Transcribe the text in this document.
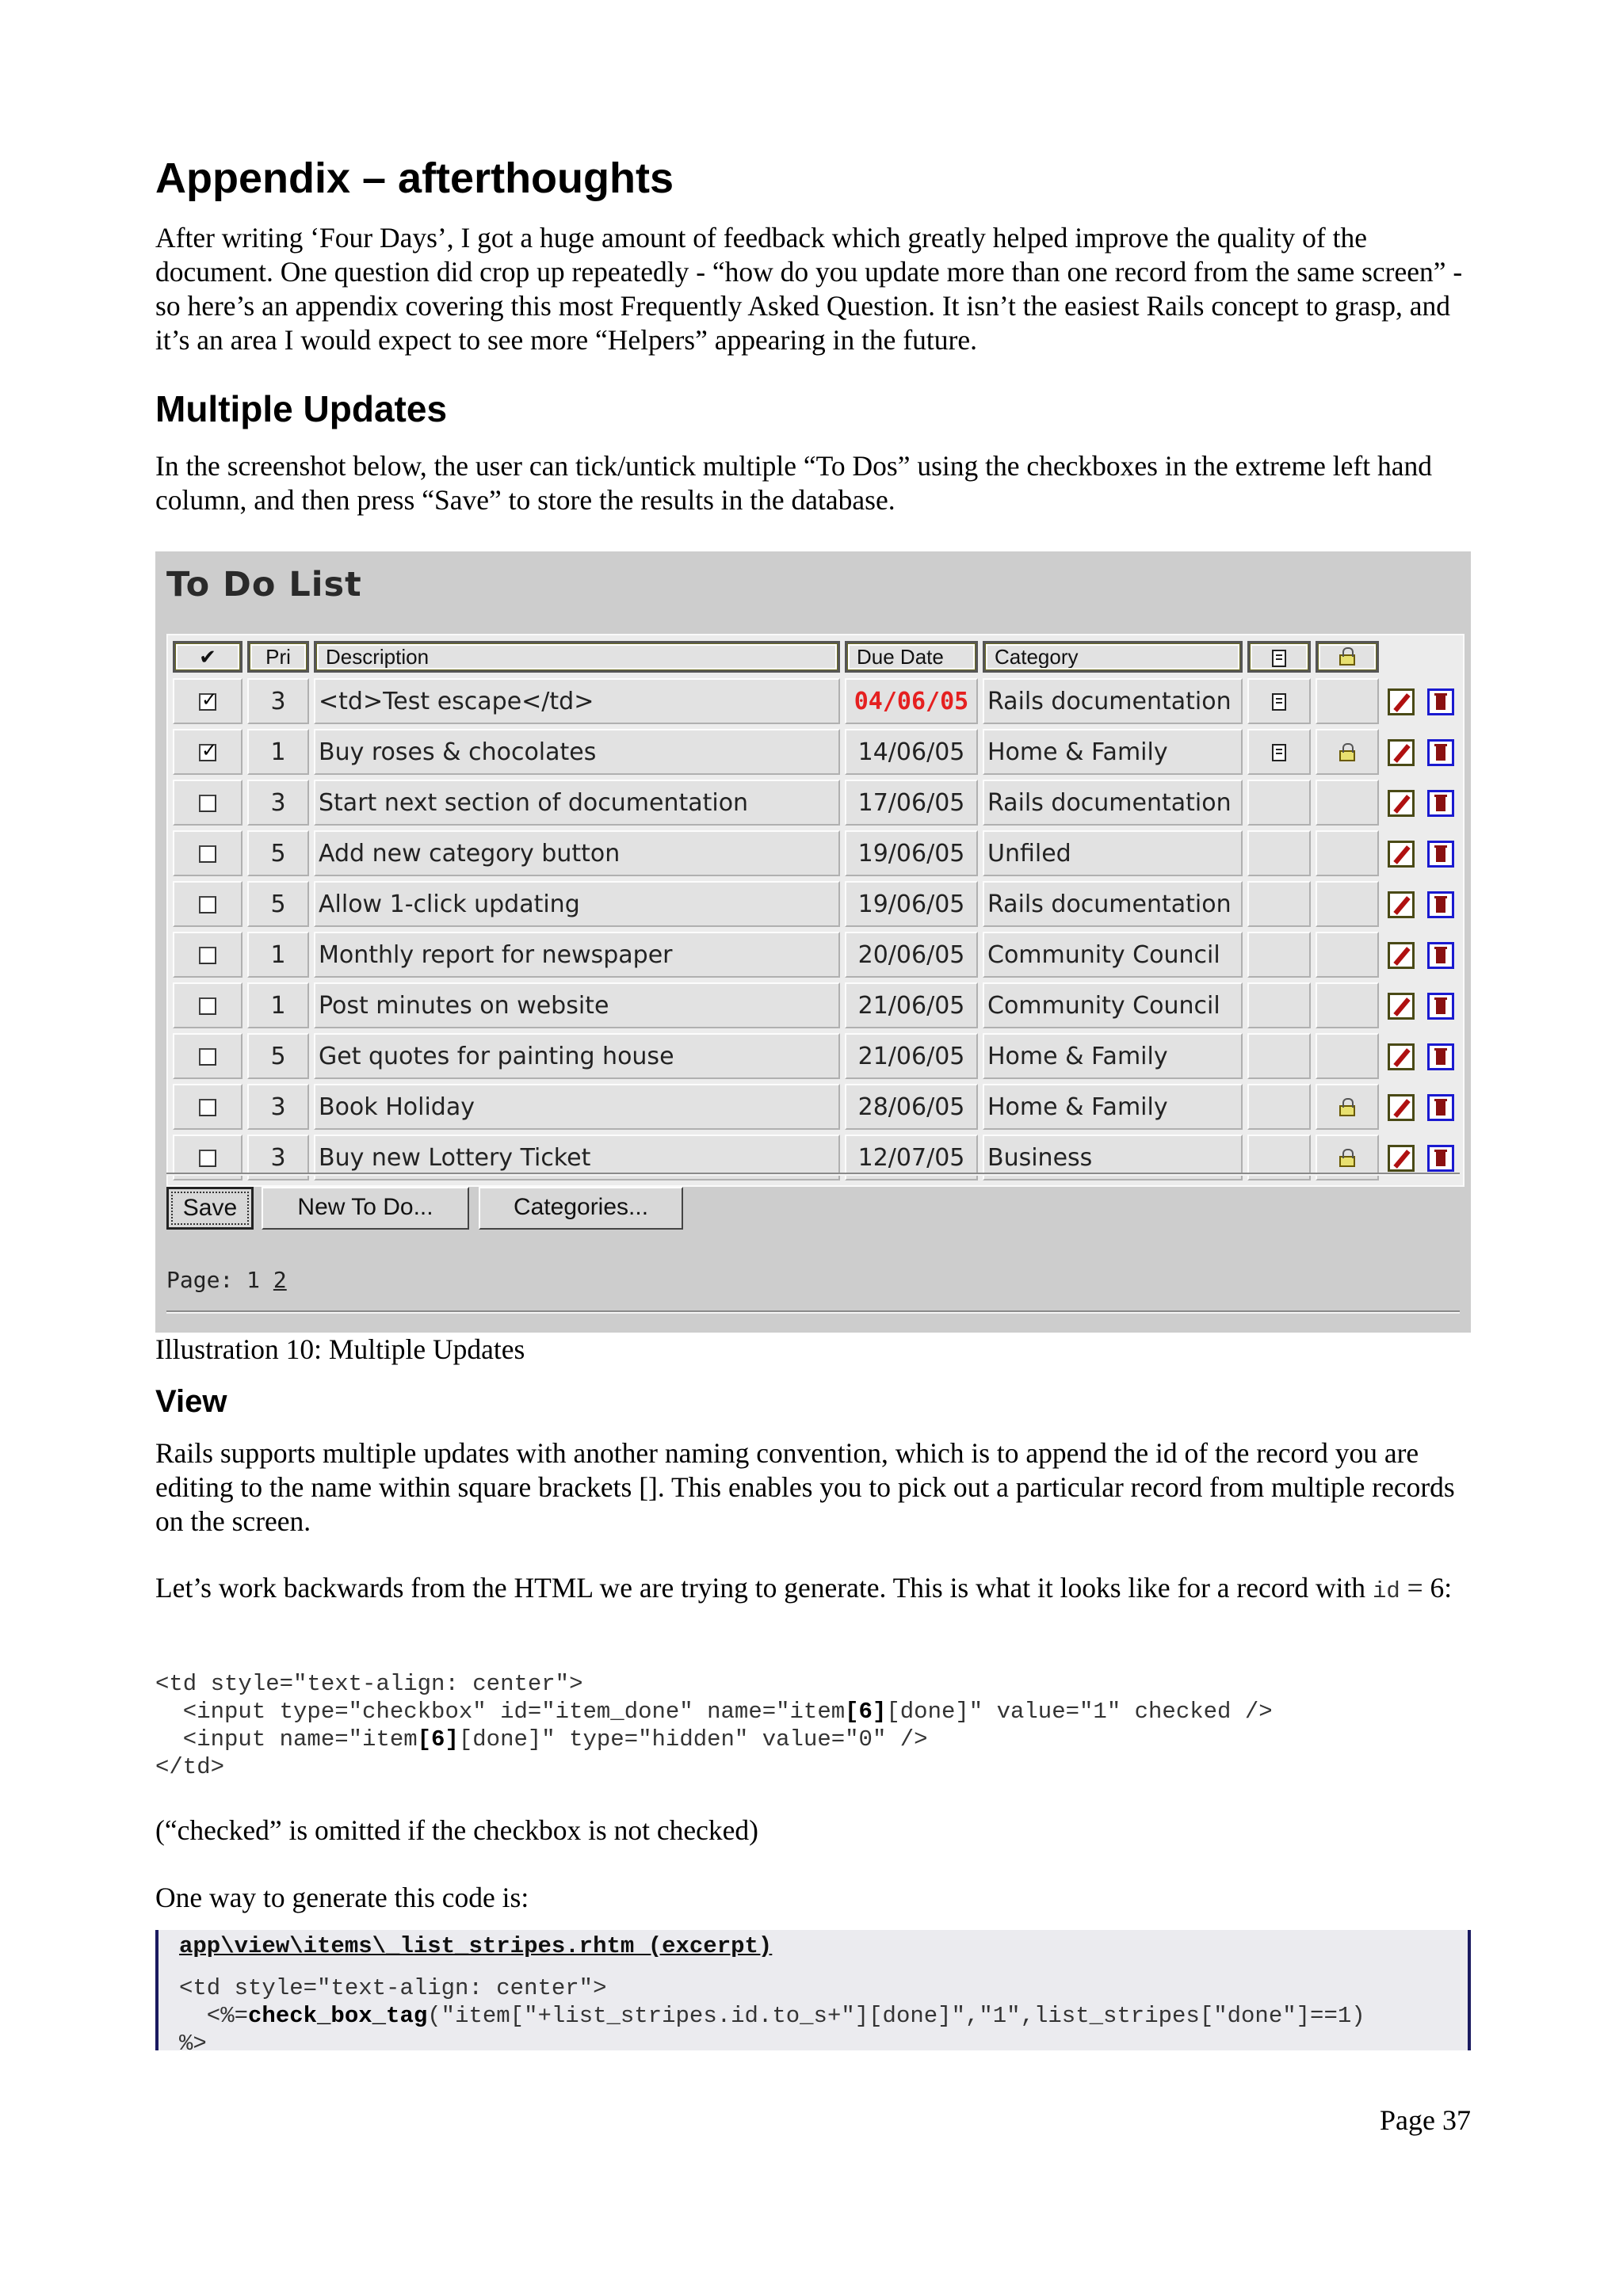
Appendix – afterthoughts

After writing ‘Four Days’, I got a huge amount of feedback which greatly helped improve the quality of the document. One question did crop up repeatedly - “how do you update more than one record from the same screen” - so here’s an appendix covering this most Frequently Asked Question. It isn’t the easiest Rails concept to grasp, and it’s an area I would expect to see more “Helpers” appearing in the future.

Multiple Updates

In the screenshot below, the user can tick/untick multiple “To Dos” using the checkboxes in the extreme left hand column, and then press “Save” to store the results in the database.

To Do List
✔	Pri	Description	Due Date	Category				

✓	3	<td>Test escape</td>	04/06/05	Rails documentation				
✓	1	Buy roses & chocolates	14/06/05	Home & Family				
	3	Start next section of documentation	17/06/05	Rails documentation				
	5	Add new category button	19/06/05	Unfiled				
	5	Allow 1-click updating	19/06/05	Rails documentation				
	1	Monthly report for newspaper	20/06/05	Community Council				
	1	Post minutes on website	21/06/05	Community Council				
	5	Get quotes for painting house	21/06/05	Home & Family				
	3	Book Holiday	28/06/05	Home & Family				
	3	Buy new Lottery Ticket	12/07/05	Business				
Save	New To Do...	Categories...
Page: 1 2

Illustration 10: Multiple Updates

View

Rails supports multiple updates with another naming convention, which is to append the id of the record you are editing to the name within square brackets []. This enables you to pick out a particular record from multiple records on the screen.

Let’s work backwards from the HTML we are trying to generate. This is what it looks like for a record with id = 6:

<td style="text-align: center">
<input type="checkbox" id="item_done" name="item[6][done]" value="1" checked />
<input name="item[6][done]" type="hidden" value="0" />
</td>

(“checked” is omitted if the checkbox is not checked)

One way to generate this code is:

app\view\items\_list_stripes.rhtm (excerpt)
<td style="text-align: center">
<%=check_box_tag("item["+list_stripes.id.to_s+"][done]","1",list_stripes["done"]==1)
%>
Page 37
